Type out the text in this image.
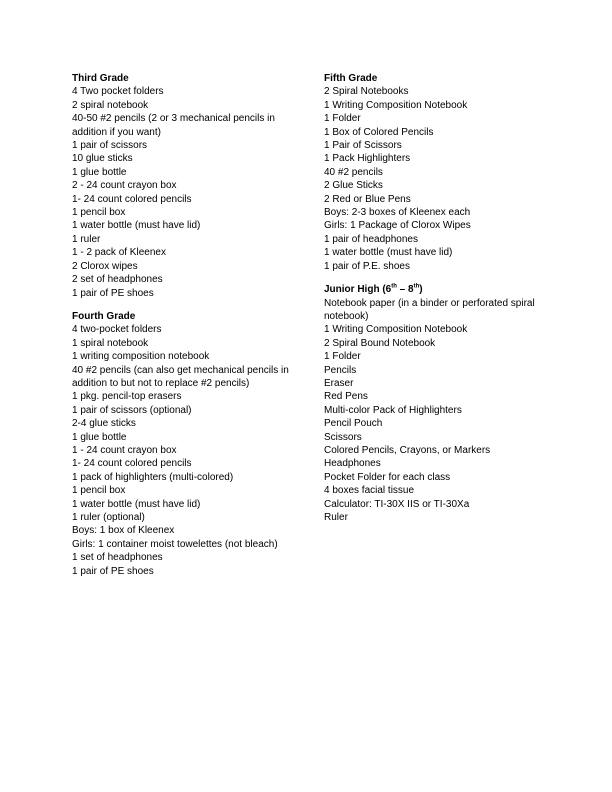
Third Grade
4 Two pocket folders
2 spiral notebook
40-50 #2 pencils (2 or 3 mechanical pencils in addition if you want)
1 pair of scissors
10 glue sticks
1 glue bottle
2 - 24 count crayon box
1- 24 count colored pencils
1 pencil box
1 water bottle (must have lid)
1 ruler
1 - 2 pack of Kleenex
2 Clorox wipes
2 set of headphones
1 pair of PE shoes
Fourth Grade
4 two-pocket folders
1 spiral notebook
1 writing composition notebook
40 #2 pencils (can also get mechanical pencils in addition to but not to replace #2 pencils)
1 pkg. pencil-top erasers
1 pair of scissors (optional)
2-4 glue sticks
1 glue bottle
1 - 24 count crayon box
1- 24 count colored pencils
1 pack of highlighters (multi-colored)
1 pencil box
1 water bottle (must have lid)
1 ruler (optional)
Boys: 1 box of Kleenex
Girls: 1 container moist towelettes (not bleach)
1 set of headphones
1 pair of PE shoes
Fifth Grade
2 Spiral Notebooks
1 Writing Composition Notebook
1 Folder
1 Box of Colored Pencils
1 Pair of Scissors
1 Pack Highlighters
40 #2 pencils
2 Glue Sticks
2 Red or Blue Pens
Boys: 2-3 boxes of Kleenex each
Girls: 1 Package of Clorox Wipes
1 pair of headphones
1 water bottle (must have lid)
1 pair of P.E. shoes
Junior High (6th – 8th)
Notebook paper (in a binder or perforated spiral notebook)
1 Writing Composition Notebook
2 Spiral Bound Notebook
1 Folder
Pencils
Eraser
Red Pens
Multi-color Pack of Highlighters
Pencil Pouch
Scissors
Colored Pencils, Crayons, or Markers
Headphones
Pocket Folder for each class
4 boxes facial tissue
Calculator: TI-30X IIS or TI-30Xa
Ruler
